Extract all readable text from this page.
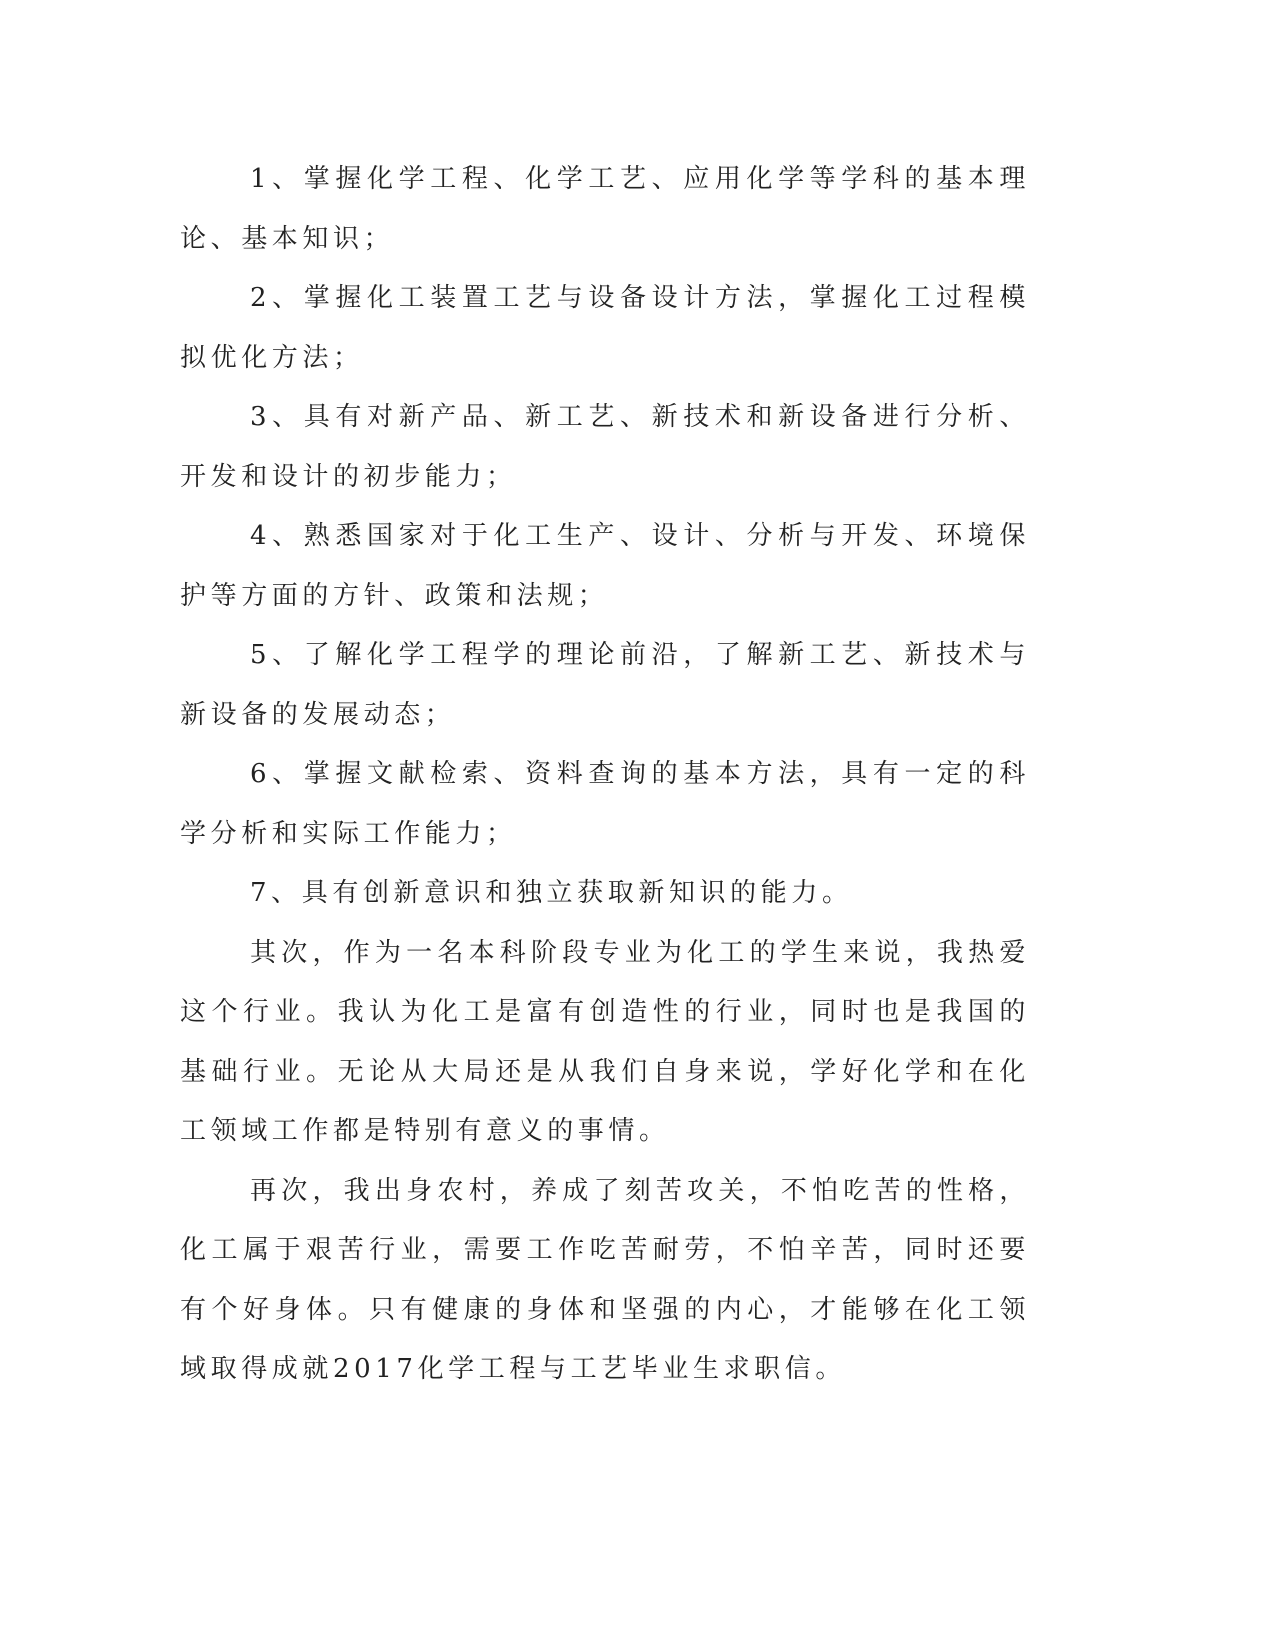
1、掌握化学工程、化学工艺、应用化学等学科的基本理论、基本知识；

2、掌握化工装置工艺与设备设计方法，掌握化工过程模拟优化方法；

3、具有对新产品、新工艺、新技术和新设备进行分析、开发和设计的初步能力；

4、熟悉国家对于化工生产、设计、分析与开发、环境保护等方面的方针、政策和法规；

5、了解化学工程学的理论前沿，了解新工艺、新技术与新设备的发展动态；

6、掌握文献检索、资料查询的基本方法，具有一定的科学分析和实际工作能力；

7、具有创新意识和独立获取新知识的能力。

其次，作为一名本科阶段专业为化工的学生来说，我热爱这个行业。我认为化工是富有创造性的行业，同时也是我国的基础行业。无论从大局还是从我们自身来说，学好化学和在化工领域工作都是特别有意义的事情。

再次，我出身农村，养成了刻苦攻关，不怕吃苦的性格，化工属于艰苦行业，需要工作吃苦耐劳，不怕辛苦，同时还要有个好身体。只有健康的身体和坚强的内心，才能够在化工领域取得成就2017化学工程与工艺毕业生求职信。
